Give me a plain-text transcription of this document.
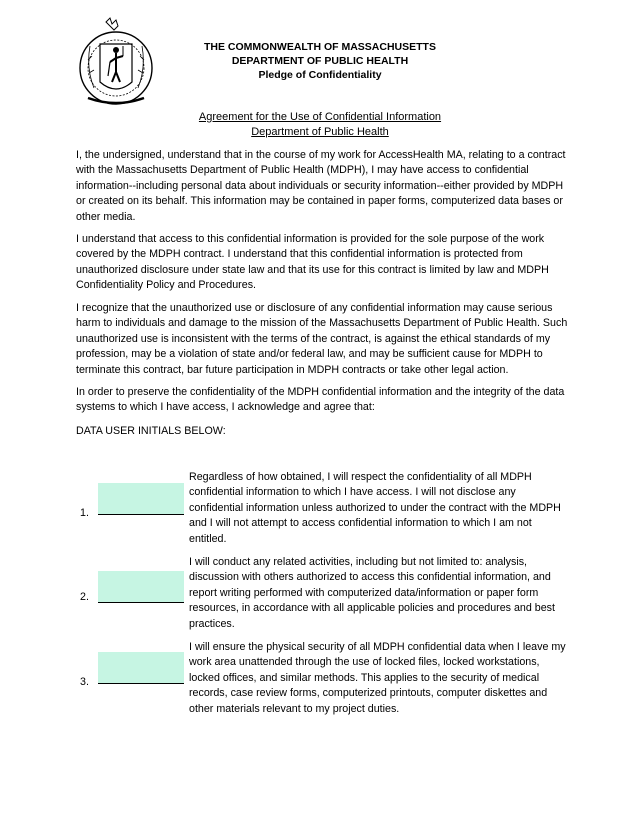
THE COMMONWEALTH OF MASSACHUSETTS
DEPARTMENT OF PUBLIC HEALTH
Pledge of Confidentiality
Agreement for the Use of Confidential Information
Department of Public Health
I, the undersigned, understand that in the course of my work for AccessHealth MA, relating to a contract with the Massachusetts Department of Public Health (MDPH), I may have access to confidential information--including personal data about individuals or security information--either provided by MDPH or created on its behalf. This information may be contained in paper forms, computerized data bases or other media.
I understand that access to this confidential information is provided for the sole purpose of the work covered by the MDPH contract. I understand that this confidential information is protected from unauthorized disclosure under state law and that its use for this contract is limited by law and MDPH Confidentiality Policy and Procedures.
I recognize that the unauthorized use or disclosure of any confidential information may cause serious harm to individuals and damage to the mission of the Massachusetts Department of Public Health. Such unauthorized use is inconsistent with the terms of the contract, is against the ethical standards of my profession, may be a violation of state and/or federal law, and may be sufficient cause for MDPH to terminate this contract, bar future participation in MDPH contracts or take other legal action.
In order to preserve the confidentiality of the MDPH confidential information and the integrity of the data systems to which I have access, I acknowledge and agree that:
DATA USER INITIALS BELOW:
1.
Regardless of how obtained, I will respect the confidentiality of all MDPH confidential information to which I have access. I will not disclose any confidential information unless authorized to under the contract with the MDPH and I will not attempt to access confidential information to which I am not entitled.
2.
I will conduct any related activities, including but not limited to: analysis, discussion with others authorized to access this confidential information, and report writing performed with computerized data/information or paper form resources, in accordance with all applicable policies and procedures and best practices.
3.
I will ensure the physical security of all MDPH confidential data when I leave my work area unattended through the use of locked files, locked workstations, locked offices, and similar methods. This applies to the security of medical records, case review forms, computerized printouts, computer diskettes and other materials relevant to my project duties.
